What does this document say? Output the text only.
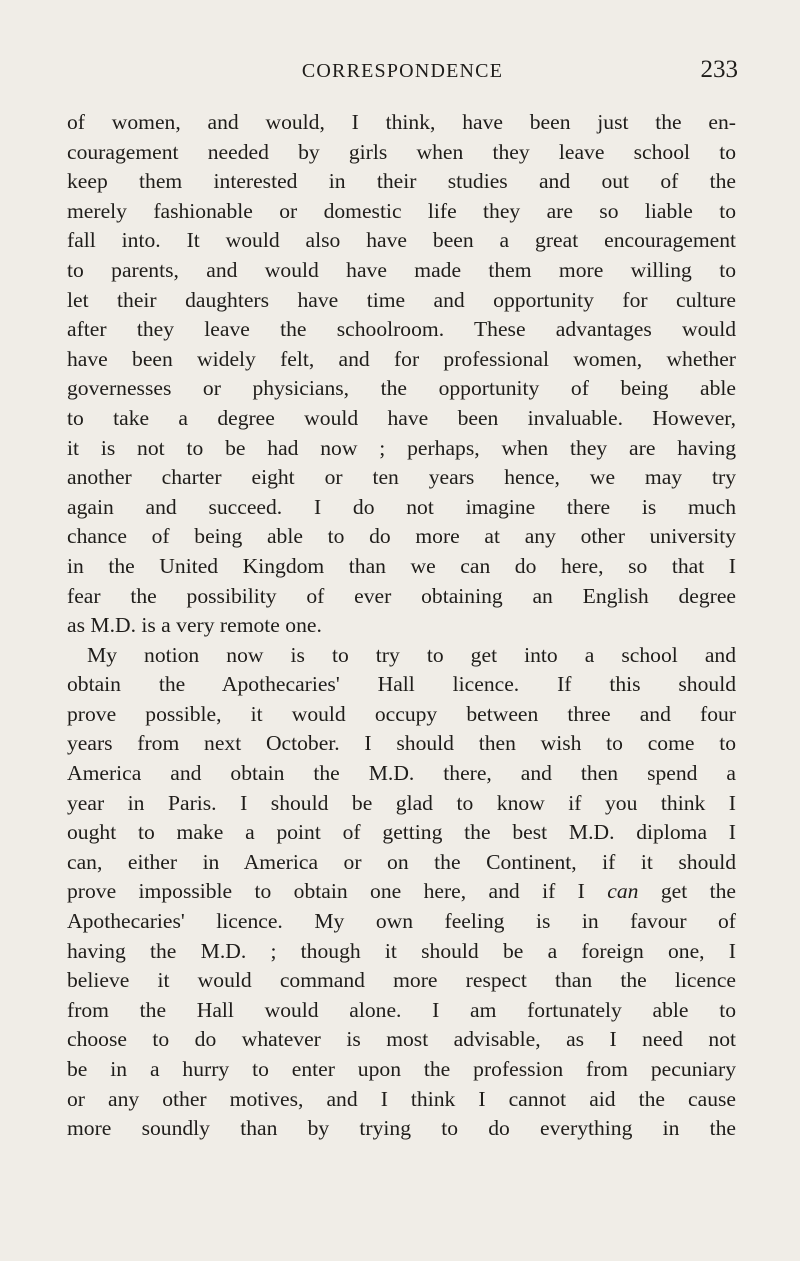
CORRESPONDENCE	233
of women, and would, I think, have been just the en-
couragement needed by girls when they leave school to
keep them interested in their studies and out of the
merely fashionable or domestic life they are so liable to
fall into. It would also have been a great encouragement
to parents, and would have made them more willing to
let their daughters have time and opportunity for culture
after they leave the schoolroom. These advantages would
have been widely felt, and for professional women, whether
governesses or physicians, the opportunity of being able
to take a degree would have been invaluable. However,
it is not to be had now ; perhaps, when they are having
another charter eight or ten years hence, we may try
again and succeed. I do not imagine there is much
chance of being able to do more at any other university
in the United Kingdom than we can do here, so that I
fear the possibility of ever obtaining an English degree
as M.D. is a very remote one.
My notion now is to try to get into a school and
obtain the Apothecaries' Hall licence. If this should
prove possible, it would occupy between three and four
years from next October. I should then wish to come to
America and obtain the M.D. there, and then spend a
year in Paris. I should be glad to know if you think I
ought to make a point of getting the best M.D. diploma I
can, either in America or on the Continent, if it should
prove impossible to obtain one here, and if I can get the
Apothecaries' licence. My own feeling is in favour of
having the M.D. ; though it should be a foreign one, I
believe it would command more respect than the licence
from the Hall would alone. I am fortunately able to
choose to do whatever is most advisable, as I need not
be in a hurry to enter upon the profession from pecuniary
or any other motives, and I think I cannot aid the cause
more soundly than by trying to do everything in the
